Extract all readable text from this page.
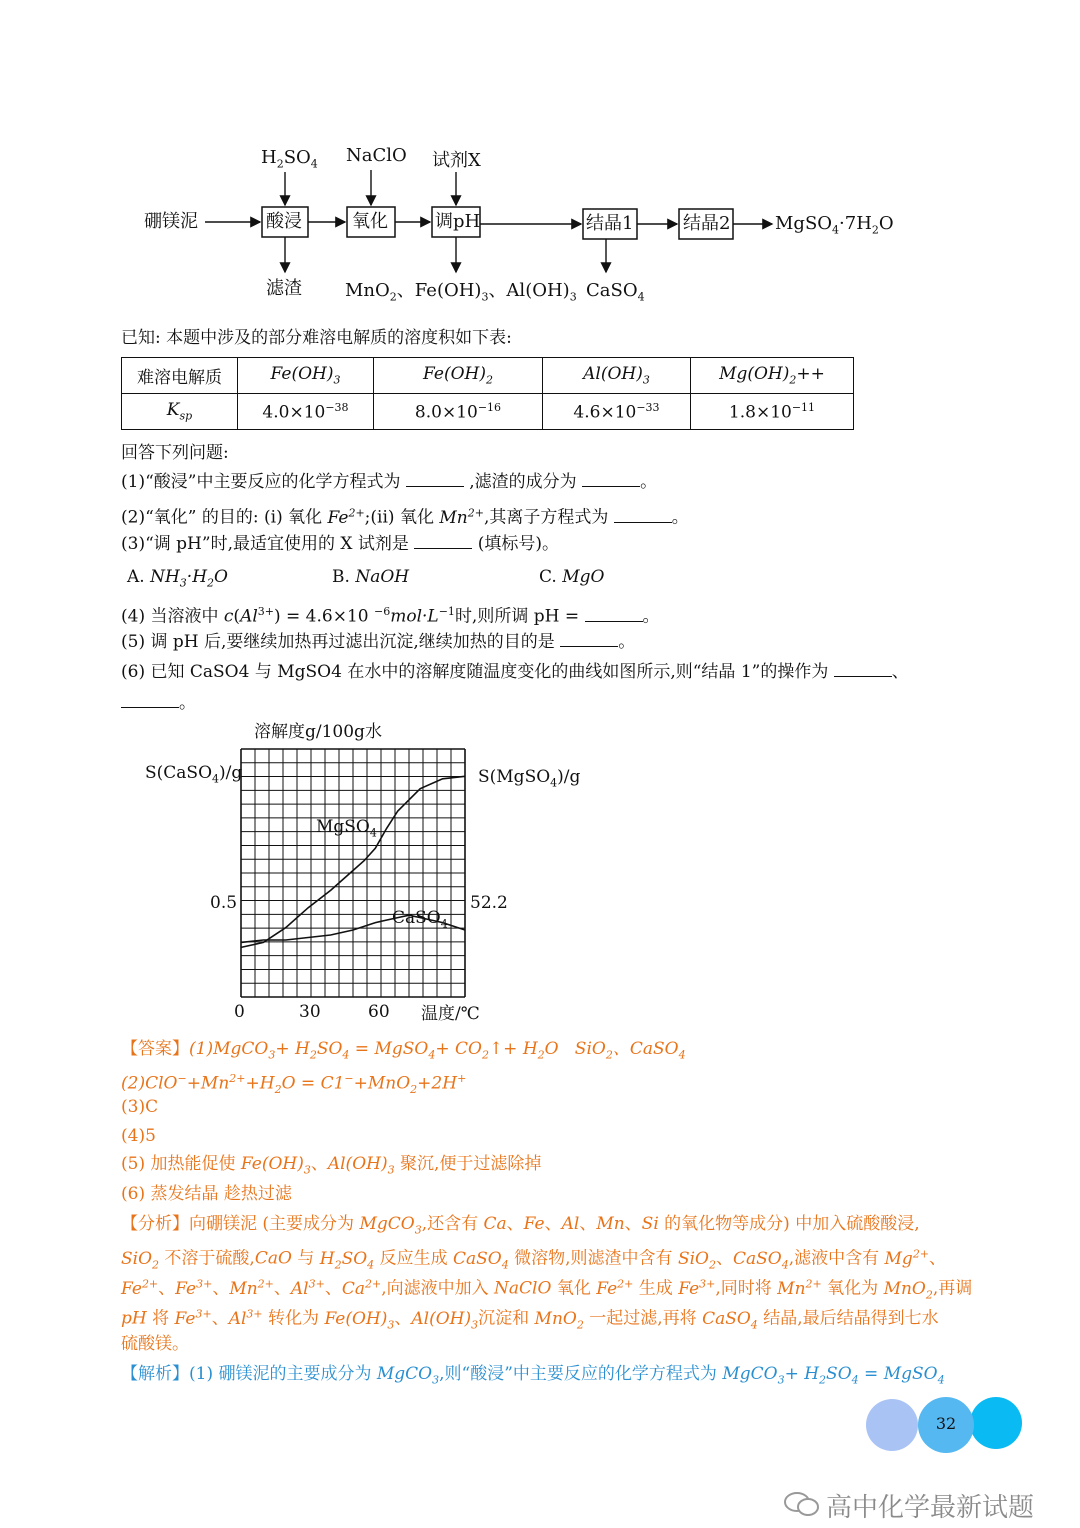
$H_2SO_4$ NaClO 试剂X
硼镁泥	酸浸	氧化	调pH	结晶1	结晶2 $MgSO_4\cdot 7H_2O$
滤渣 MnO$_2$、$Fe(OH)_3$、$Al(OH)_3$ CaSO$_4$
已知: 本题中涉及的部分难溶电解质的溶度积如下表:
难溶电解质	$Fe(OH)_3$	$Fe(OH)_2$	$Al(OH)_3$	$Mg(OH)_2++$
$K_{sp}$	$4.0\times 10^{-38}$	$8.0\times 10^{-16}$	$4.6\times 10^{-33}$	$1.8\times 10^{-11}$
回答下列问题:
(1)“酸浸”中主要反应的化学方程式为	,滤渣的成分为	。
(2)“氧化” 的目的: (i) 氧化 $Fe^{2+};(ii)$ 氧化 $Mn^{2+}$,其离子方程式为	。
(3)“调 pH”时,最适宜使用的 X 试剂是	(填标号)。
A. $NH_3\cdot H_2O$	B. NaOH	C. MgO
(4) 当溶液中 $c(Al^{3+}) = 4.6\times 10$ $^{-6}mol\cdot L^{-1}$时,则所调 pH =	。
(5) 调 pH 后,要继续加热再过滤出沉淀,继续加热的目的是	。
(6) 已知 CaSO4 与 MgSO4 在水中的溶解度随温度变化的曲线如图所示,则“结晶 1”的操作为	、
。
溶解度g/100g水
S(CaSO$_4$)/g	S(MgSO$_4$)/g
0.5	52.2
0	30	60 温度/℃
MgSO$_4$
CaSO$_4$
【答案】(1)MgCO$_3$+ $H_2SO_4$ = MgSO$_4$+ $CO_2↑+ H_2O$   SiO$_2$、CaSO$_4$
$(2)ClO^-+Mn^{2+}+H_2O = C1^-+MnO_2+2H^+$
(3)C
(4)5
(5) 加热能促使 $Fe(OH)_3$、$Al(OH)_3$ 聚沉,便于过滤除掉
(6) 蒸发结晶 趁热过滤
【分析】向硼镁泥 (主要成分为 MgCO$_3$,还含有 Ca、Fe、Al、Mn、Si 的氧化物等成分) 中加入硫酸酸浸,
SiO$_2$ 不溶于硫酸,CaO 与 $H_2SO_4$ 反应生成 CaSO$_4$ 微溶物,则滤渣中含有 SiO$_2$、CaSO$_4$,滤液中含有 $Mg^{2+}$、
$Fe^{2+}$、$Fe^{3+}$、$Mn^{2+}$、$Al^{3+}$、$Ca^{2+}$,向滤液中加入 NaClO 氧化 $Fe^{2+}$ 生成 $Fe^{3+}$,同时将 $Mn^{2+}$ 氧化为 MnO$_2$,再调
pH 将 $Fe^{3+}$、$Al^{3+}$ 转化为 $Fe(OH)_3$、$Al(OH)_3$沉淀和 MnO$_2$ 一起过滤,再将 CaSO$_4$ 结晶,最后结晶得到七水
硫酸镁。
【解析】(1) 硼镁泥的主要成分为 MgCO$_3$,则“酸浸”中主要反应的化学方程式为 MgCO$_3$+ $H_2SO_4$ = MgSO$_4$
32
高中化学最新试题
